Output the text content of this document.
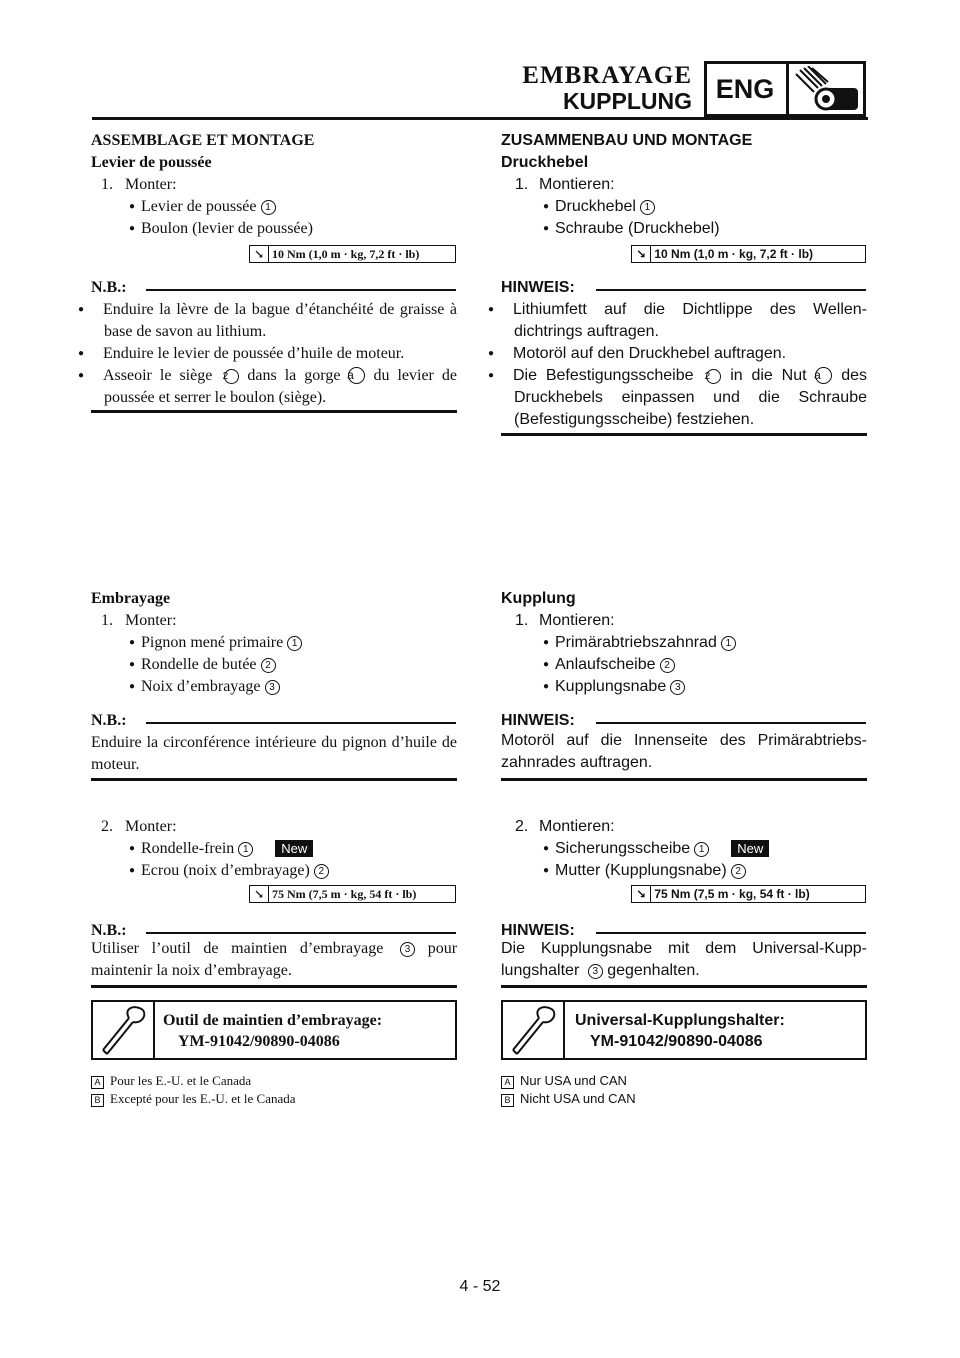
EMBRAYAGE
KUPPLUNG ENG
ASSEMBLAGE ET MONTAGE
Levier de poussée
1. Monter:
● Levier de poussée 1
● Boulon (levier de poussée)
↘ 10 Nm (1,0 m · kg, 7,2 ft · lb)
N.B.:
● Enduire la lèvre de la bague d’étanchéité de graisse à base de savon au lithium.
● Enduire le levier de poussée d’huile de moteur.
● Asseoir le siège 2 dans la gorge a du levier de poussée et serrer le boulon (siège).
Embrayage
1. Monter:
● Pignon mené primaire 1
● Rondelle de butée 2
● Noix d’embrayage 3
N.B.:
Enduire la circonférence intérieure du pignon d’huile de moteur.
2. Monter:
● Rondelle-frein 1	New
● Ecrou (noix d’embrayage) 2
↘ 75 Nm (7,5 m · kg, 54 ft · lb)
N.B.:
Utiliser l’outil de maintien d’embrayage 3 pour maintenir la noix d’embrayage.
Outil de maintien d’embrayage:
YM-91042/90890-04086
A Pour les E.-U. et le Canada
B Excepté pour les E.-U. et le Canada
ZUSAMMENBAU UND MONTAGE
Druckhebel
1. Montieren:
● Druckhebel 1
● Schraube (Druckhebel)
↘ 10 Nm (1,0 m · kg, 7,2 ft · lb)
HINWEIS:
● Lithiumfett auf die Dichtlippe des Wellen-dichtrings auftragen.
● Motoröl auf den Druckhebel auftragen.
● Die Befestigungsscheibe 2 in die Nut a des Druckhebels einpassen und die Schraube (Befestigungsscheibe) festziehen.
Kupplung
1. Montieren:
● Primärabtriebszahnrad 1
● Anlaufscheibe 2
● Kupplungsnabe 3
HINWEIS:
Motoröl auf die Innenseite des Primärabtriebs-zahnrades auftragen.
2. Montieren:
● Sicherungsscheibe 1	New
● Mutter (Kupplungsnabe) 2
↘ 75 Nm (7,5 m · kg, 54 ft · lb)
HINWEIS:
Die Kupplungsnabe mit dem Universal-Kupp-lungshalter 3 gegenhalten.
Universal-Kupplungshalter:
YM-91042/90890-04086
A Nur USA und CAN
B Nicht USA und CAN
4 - 52
